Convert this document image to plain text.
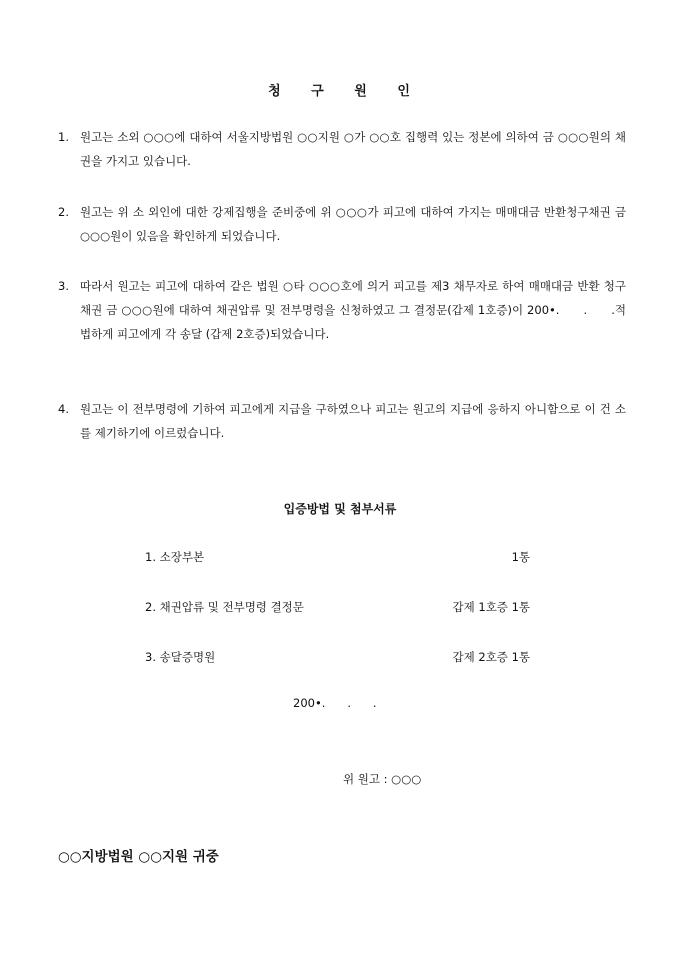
청 구 원 인
1. 원고는 소외 ○○○에 대하여 서울지방법원 ○○지원 ○가 ○○호 집행력 있는 정본에 의하여 금 ○○○원의 채권을 가지고 있습니다.
2. 원고는 위 소 외인에 대한 강제집행을 준비중에 위 ○○○가 피고에 대하여 가지는 매매대금 반환청구채권 금 ○○○원이 있음을 확인하게 되었습니다.
3. 따라서 원고는 피고에 대하여 같은 법원 ○타 ○○○호에 의거 피고를 제3 채무자로 하여 매매대금 반환 청구채권 금 ○○○원에 대하여 채권압류 및 전부명령을 신청하였고 그 결정문(갑제 1호증)이 200•.      .      .적법하게 피고에게 각 송달 (갑제 2호증)되었습니다.
4. 원고는 이 전부명령에 기하여 피고에게 지급을 구하였으나 피고는 원고의 지급에 응하지 아니함으로 이 건 소를 제기하기에 이르렀습니다.
입증방법 및 첨부서류
1. 소장부본	1통
2. 채권압류 및 전부명령 결정문	갑제 1호증 1통
3. 송달증명원	갑제 2호증 1통
200•.      .      .
위 원고 : ○○○
○○지방법원 ○○지원 귀중
